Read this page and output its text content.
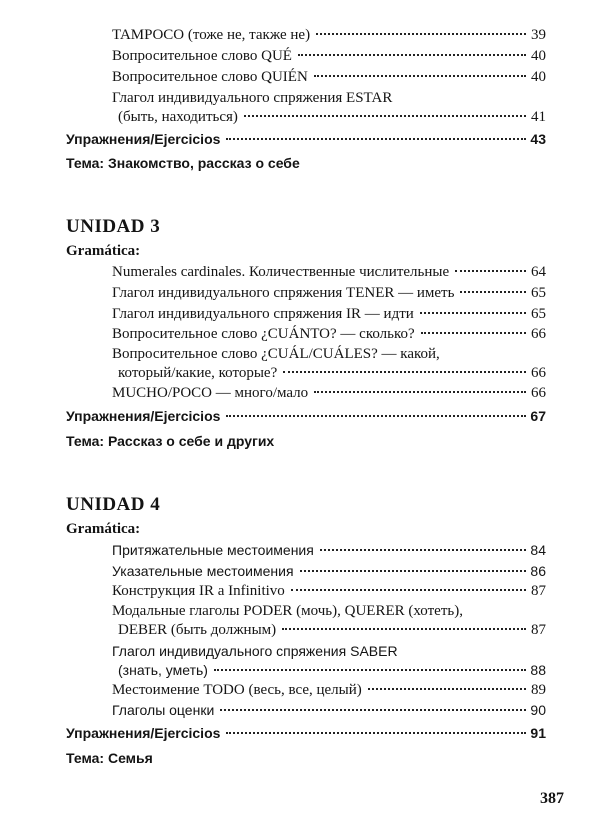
TAMPOCO (тоже не, также не)	39
Вопросительное слово QUÉ	40
Вопросительное слово QUIÉN	40
Глагол индивидуального спряжения ESTAR
(быть, находиться)	41
Упражнения/Ejercicios	43
Тема: Знакомство, рассказ о себе
UNIDAD 3
Gramática:
Numerales cardinales. Количественные числительные	64
Глагол индивидуального спряжения TENER — иметь	65
Глагол индивидуального спряжения IR — идти	65
Вопросительное слово ¿CUÁNTO? — сколько?	66
Вопросительное слово ¿CUÁL/CUÁLES? — какой,
который/какие, которые?	66
MUCHO/POCO — много/мало	66
Упражнения/Ejercicios	67
Тема: Рассказ о себе и других
UNIDAD 4
Gramática:
Притяжательные местоимения	84
Указательные местоимения	86
Конструкция IR a Infinitivo	87
Модальные глаголы PODER (мочь), QUERER (хотеть),
DEBER (быть должным)	87
Глагол индивидуального спряжения SABER
(знать, уметь)	88
Местоимение TODO (весь, все, целый)	89
Глаголы оценки	90
Упражнения/Ejercicios	91
Тема: Семья
387
